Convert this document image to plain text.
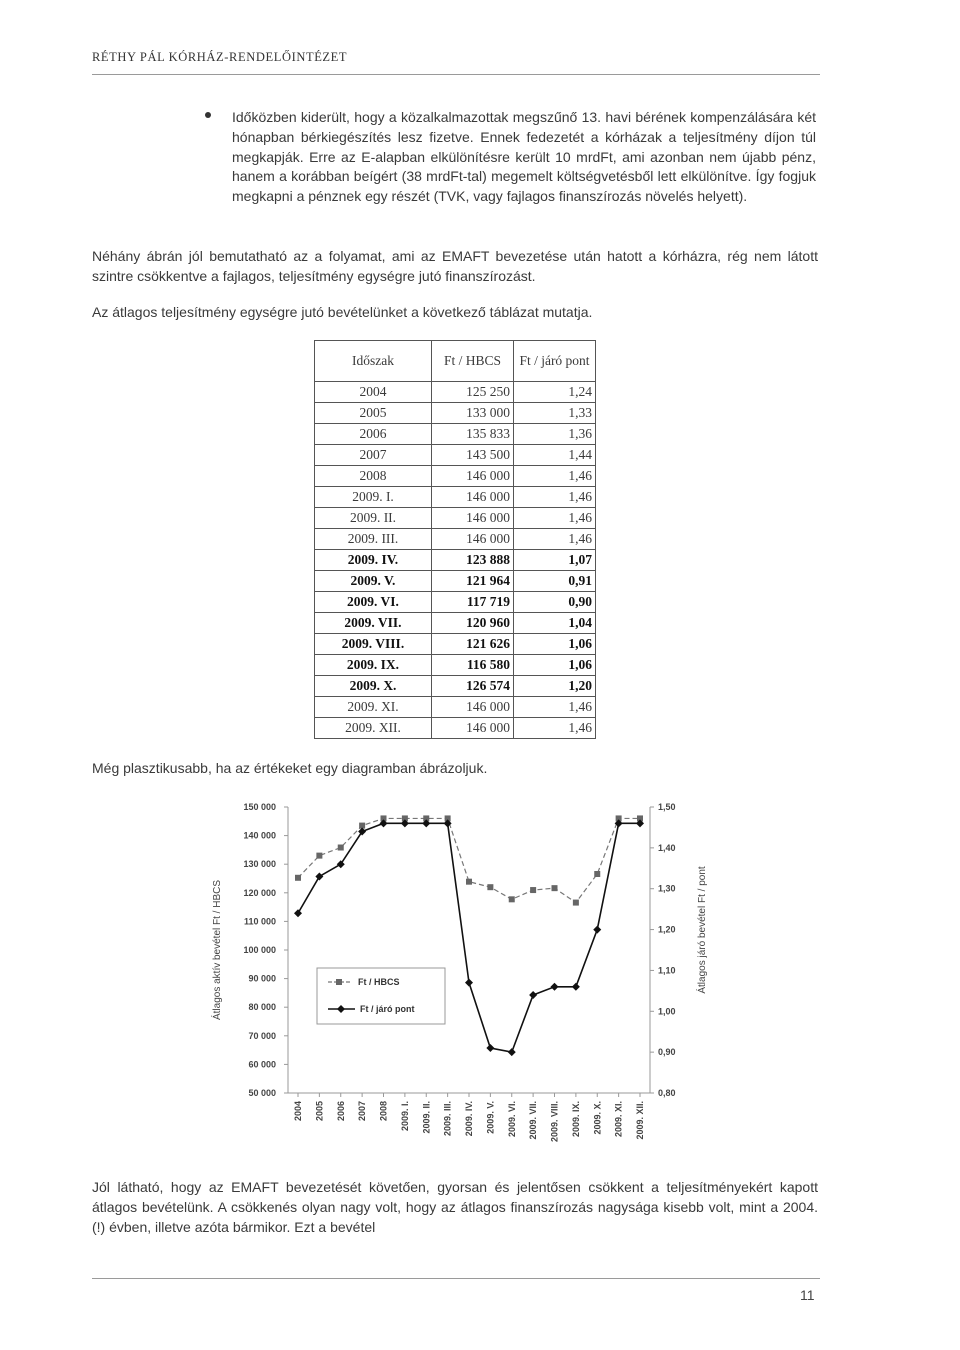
RÉTHY PÁL KÓRHÁZ-RENDELŐINTÉZET

Időközben kiderült, hogy a közalkalmazottak megszűnő 13. havi bérének kompenzálására két hónapban bérkiegészítés lesz fizetve. Ennek fedezetét a kórházak a teljesítmény díjon túl megkapják. Erre az E-alapban elkülönítésre került 10 mrdFt, ami azonban nem újabb pénz, hanem a korábban beígért (38 mrdFt-tal) megemelt költségvetésből lett elkülönítve. Így fogjuk megkapni a pénznek egy részét (TVK, vagy fajlagos finanszírozás növelés helyett).

Néhány ábrán jól bemutatható az a folyamat, ami az EMAFT bevezetése után hatott a kórházra, rég nem látott szintre csökkentve a fajlagos, teljesítmény egységre jutó finanszírozást.

Az átlagos teljesítmény egységre jutó bevételünket a következő táblázat mutatja.

Időszak	Ft / HBCS	Ft / járó pont
2004	125 250	1,24
2005	133 000	1,33
2006	135 833	1,36
2007	143 500	1,44
2008	146 000	1,46
2009. I.	146 000	1,46
2009. II.	146 000	1,46
2009. III.	146 000	1,46
2009. IV.	123 888	1,07
2009. V.	121 964	0,91
2009. VI.	117 719	0,90
2009. VII.	120 960	1,04
2009. VIII.	121 626	1,06
2009. IX.	116 580	1,06
2009. X.	126 574	1,20
2009. XI.	146 000	1,46
2009. XII.	146 000	1,46

Még plasztikusabb, ha az értékeket egy diagramban ábrázoljuk.

50 000
60 000
70 000
80 000
90 000
100 000
110 000
120 000
130 000
140 000
150 000
0,80
0,90
1,00
1,10
1,20
1,30
1,40
1,50
2004 2005 2006 2007 2008 2009. I. 2009. II. 2009. III. 2009. IV. 2009. V. 2009. VI. 2009. VII. 2009. VIII. 2009. IX. 2009. X. 2009. XI. 2009. XII.
Átlagos aktív bevétel Ft / HBCS	Átlagos járó bevétel Ft / pont
Ft / HBCS
Ft / járó pont

Jól látható, hogy az EMAFT bevezetését követően, gyorsan és jelentősen csökkent a teljesítményekért kapott átlagos bevételünk. A csökkenés olyan nagy volt, hogy az átlagos finanszírozás nagysága kisebb volt, mint a 2004. (!) évben, illetve azóta bármikor. Ezt a bevétel

11
